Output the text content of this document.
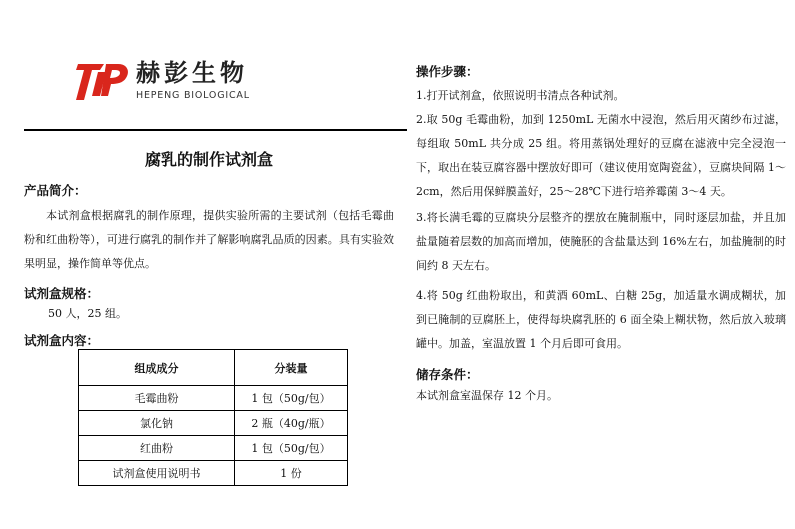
赫彭生物
HEPENG BIOLOGICAL
腐乳的制作试剂盒
产品简介：
本试剂盒根据腐乳的制作原理，提供实验所需的主要试剂（包括毛霉曲粉和红曲粉等），可进行腐乳的制作并了解影响腐乳品质的因素。具有实验效果明显，操作简单等优点。
试剂盒规格：
50 人，25 组。
试剂盒内容：
组成成分	分装量
毛霉曲粉	1 包（50g/包）
氯化钠	2 瓶（40g/瓶）
红曲粉	1 包（50g/包）
试剂盒使用说明书	1 份
操作步骤：
1.打开试剂盒，依照说明书清点各种试剂。
2.取 50g 毛霉曲粉，加到 1250mL 无菌水中浸泡，然后用灭菌纱布过滤，每组取 50mL 共分成 25 组。将用蒸锅处理好的豆腐在滤液中完全浸泡一下，取出在装豆腐容器中摆放好即可（建议使用宽陶瓷盆），豆腐块间隔 1～2cm，然后用保鲜膜盖好，25～28℃下进行培养霉菌 3～4 天。
3.将长满毛霉的豆腐块分层整齐的摆放在腌制瓶中，同时逐层加盐，并且加盐量随着层数的加高而增加，使腌胚的含盐量达到 16%左右，加盐腌制的时间约 8 天左右。
4.将 50g 红曲粉取出，和黄酒 60mL、白糖 25g，加适量水调成糊状，加到已腌制的豆腐胚上，使得每块腐乳胚的 6 面全染上糊状物，然后放入玻璃罐中。加盖，室温放置 1 个月后即可食用。
储存条件：
本试剂盒室温保存 12 个月。
